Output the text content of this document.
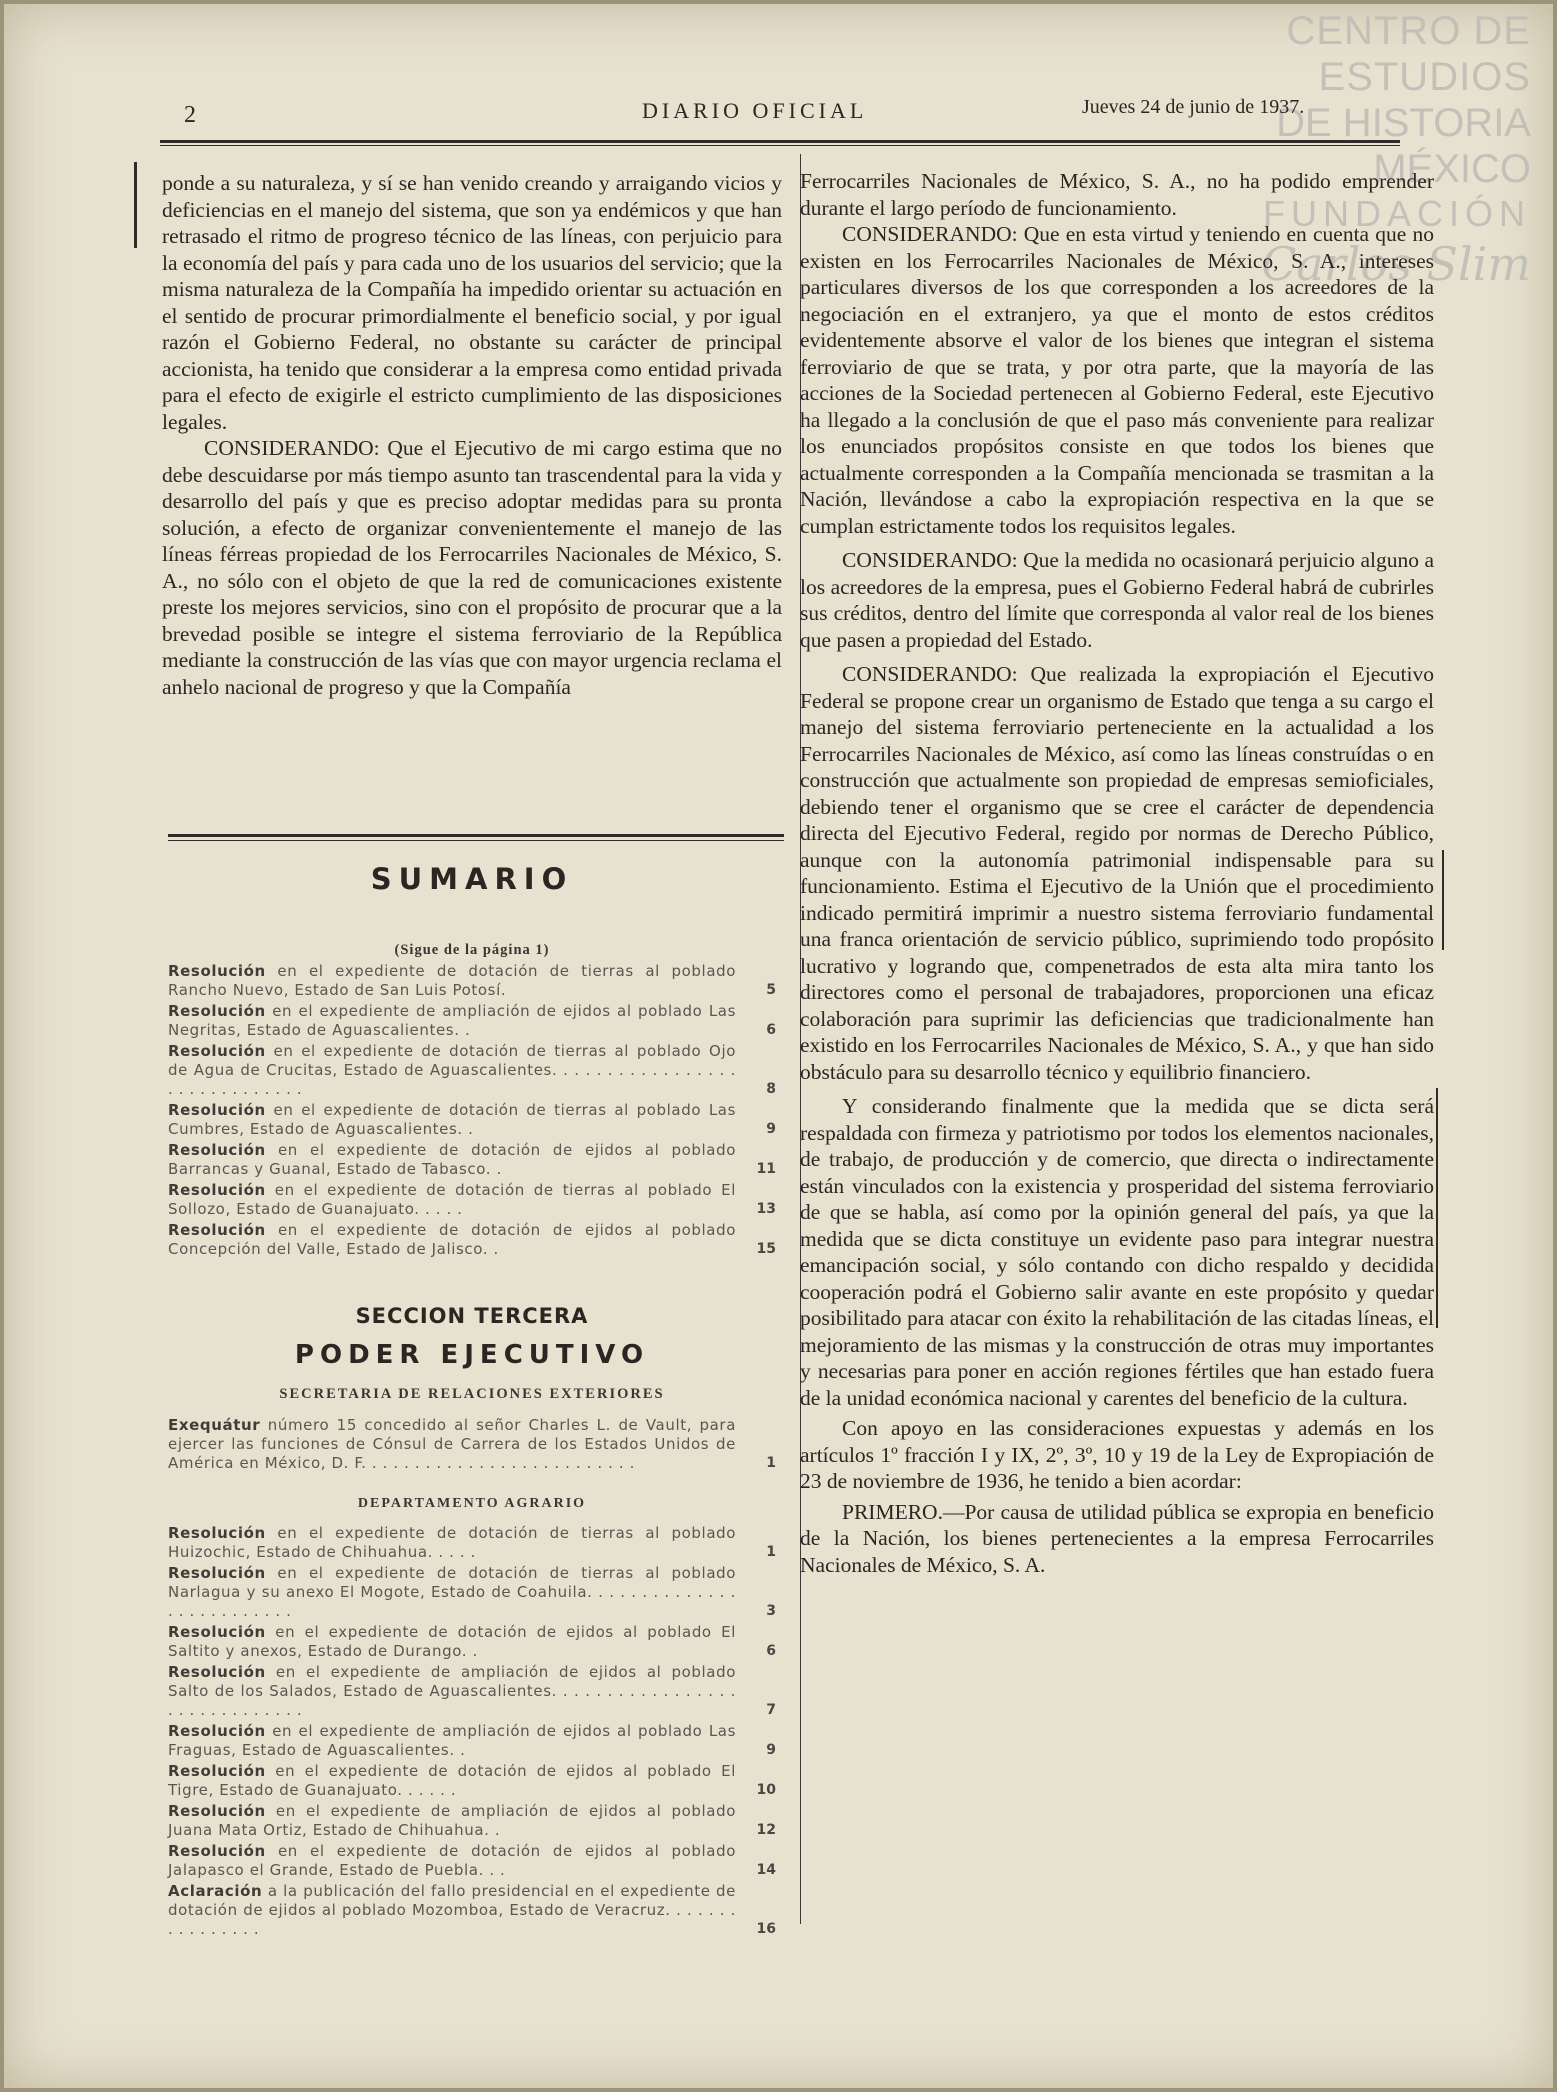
CENTRO DE
ESTUDIOS
DE HISTORIA
MÉXICO
FUNDACIÓN
Carlos Slim
2	DIARIO OFICIAL	Jueves 24 de junio de 1937.

ponde a su naturaleza, y sí se han venido creando y arraigando vicios y deficiencias en el manejo del sistema, que son ya endémicos y que han retrasado el ritmo de progreso técnico de las líneas, con perjuicio para la economía del país y para cada uno de los usuarios del servicio; que la misma naturaleza de la Compañía ha impedido orientar su actuación en el sentido de procurar primordialmente el beneficio social, y por igual razón el Gobierno Federal, no obstante su carácter de principal accionista, ha tenido que considerar a la empresa como entidad privada para el efecto de exigirle el estricto cumplimiento de las disposiciones legales.

CONSIDERANDO: Que el Ejecutivo de mi cargo estima que no debe descuidarse por más tiempo asunto tan trascendental para la vida y desarrollo del país y que es preciso adoptar medidas para su pronta solución, a efecto de organizar convenientemente el manejo de las líneas férreas propiedad de los Ferrocarriles Nacionales de México, S. A., no sólo con el objeto de que la red de comunicaciones existente preste los mejores servicios, sino con el propósito de procurar que a la brevedad posible se integre el sistema ferroviario de la República mediante la construcción de las vías que con mayor urgencia reclama el anhelo nacional de progreso y que la Compañía

SUMARIO
(Sigue de la página 1)
Resolución en el expediente de dotación de tierras al poblado Rancho Nuevo, Estado de San Luis Potosí.	5
Resolución en el expediente de ampliación de ejidos al poblado Las Negritas, Estado de Aguascalientes. .	6
Resolución en el expediente de dotación de tierras al poblado Ojo de Agua de Crucitas, Estado de Aguascalientes. . . . . . . . . . . . . . . . . . . . . . . . . . . . . .	8
Resolución en el expediente de dotación de tierras al poblado Las Cumbres, Estado de Aguascalientes. .	9
Resolución en el expediente de dotación de ejidos al poblado Barrancas y Guanal, Estado de Tabasco. .	11
Resolución en el expediente de dotación de tierras al poblado El Sollozo, Estado de Guanajuato. . . . .	13
Resolución en el expediente de dotación de ejidos al poblado Concepción del Valle, Estado de Jalisco. .	15
SECCION TERCERA
PODER EJECUTIVO
SECRETARIA DE RELACIONES EXTERIORES
Exequátur número 15 concedido al señor Charles L. de Vault, para ejercer las funciones de Cónsul de Carrera de los Estados Unidos de América en México, D. F. . . . . . . . . . . . . . . . . . . . . . . . . .	1
DEPARTAMENTO AGRARIO
Resolución en el expediente de dotación de tierras al poblado Huizochic, Estado de Chihuahua. . . . .	1
Resolución en el expediente de dotación de tierras al poblado Narlagua y su anexo El Mogote, Estado de Coahuila. . . . . . . . . . . . . . . . . . . . . . . . . .	3
Resolución en el expediente de dotación de ejidos al poblado El Saltito y anexos, Estado de Durango. .	6
Resolución en el expediente de ampliación de ejidos al poblado Salto de los Salados, Estado de Aguascalientes. . . . . . . . . . . . . . . . . . . . . . . . . . . . . .	7
Resolución en el expediente de ampliación de ejidos al poblado Las Fraguas, Estado de Aguascalientes. .	9
Resolución en el expediente de dotación de ejidos al poblado El Tigre, Estado de Guanajuato. . . . . .	10
Resolución en el expediente de ampliación de ejidos al poblado Juana Mata Ortiz, Estado de Chihuahua. .	12
Resolución en el expediente de dotación de ejidos al poblado Jalapasco el Grande, Estado de Puebla. . .	14
Aclaración a la publicación del fallo presidencial en el expediente de dotación de ejidos al poblado Mozomboa, Estado de Veracruz. . . . . . . . . . . . . . . .	16

Ferrocarriles Nacionales de México, S. A., no ha podido emprender durante el largo período de funcionamiento.

CONSIDERANDO: Que en esta virtud y teniendo en cuenta que no existen en los Ferrocarriles Nacionales de México, S. A., intereses particulares diversos de los que corresponden a los acreedores de la negociación en el extranjero, ya que el monto de estos créditos evidentemente absorve el valor de los bienes que integran el sistema ferroviario de que se trata, y por otra parte, que la mayoría de las acciones de la Sociedad pertenecen al Gobierno Federal, este Ejecutivo ha llegado a la conclusión de que el paso más conveniente para realizar los enunciados propósitos consiste en que todos los bienes que actualmente corresponden a la Compañía mencionada se trasmitan a la Nación, llevándose a cabo la expropiación respectiva en la que se cumplan estrictamente todos los requisitos legales.

CONSIDERANDO: Que la medida no ocasionará perjuicio alguno a los acreedores de la empresa, pues el Gobierno Federal habrá de cubrirles sus créditos, dentro del límite que corresponda al valor real de los bienes que pasen a propiedad del Estado.

CONSIDERANDO: Que realizada la expropiación el Ejecutivo Federal se propone crear un organismo de Estado que tenga a su cargo el manejo del sistema ferroviario perteneciente en la actualidad a los Ferrocarriles Nacionales de México, así como las líneas construídas o en construcción que actualmente son propiedad de empresas semioficiales, debiendo tener el organismo que se cree el carácter de dependencia directa del Ejecutivo Federal, regido por normas de Derecho Público, aunque con la autonomía patrimonial indispensable para su funcionamiento. Estima el Ejecutivo de la Unión que el procedimiento indicado permitirá imprimir a nuestro sistema ferroviario fundamental una franca orientación de servicio público, suprimiendo todo propósito lucrativo y logrando que, compenetrados de esta alta mira tanto los directores como el personal de trabajadores, proporcionen una eficaz colaboración para suprimir las deficiencias que tradicionalmente han existido en los Ferrocarriles Nacionales de México, S. A., y que han sido obstáculo para su desarrollo técnico y equilibrio financiero.

Y considerando finalmente que la medida que se dicta será respaldada con firmeza y patriotismo por todos los elementos nacionales, de trabajo, de producción y de comercio, que directa o indirectamente están vinculados con la existencia y prosperidad del sistema ferroviario de que se habla, así como por la opinión general del país, ya que la medida que se dicta constituye un evidente paso para integrar nuestra emancipación social, y sólo contando con dicho respaldo y decidida cooperación podrá el Gobierno salir avante en este propósito y quedar posibilitado para atacar con éxito la rehabilitación de las citadas líneas, el mejoramiento de las mismas y la construcción de otras muy importantes y necesarias para poner en acción regiones fértiles que han estado fuera de la unidad económica nacional y carentes del beneficio de la cultura.

Con apoyo en las consideraciones expuestas y además en los artículos 1º fracción I y IX, 2º, 3º, 10 y 19 de la Ley de Expropiación de 23 de noviembre de 1936, he tenido a bien acordar:

PRIMERO.—Por causa de utilidad pública se expropia en beneficio de la Nación, los bienes pertenecientes a la empresa Ferrocarriles Nacionales de México, S. A.
